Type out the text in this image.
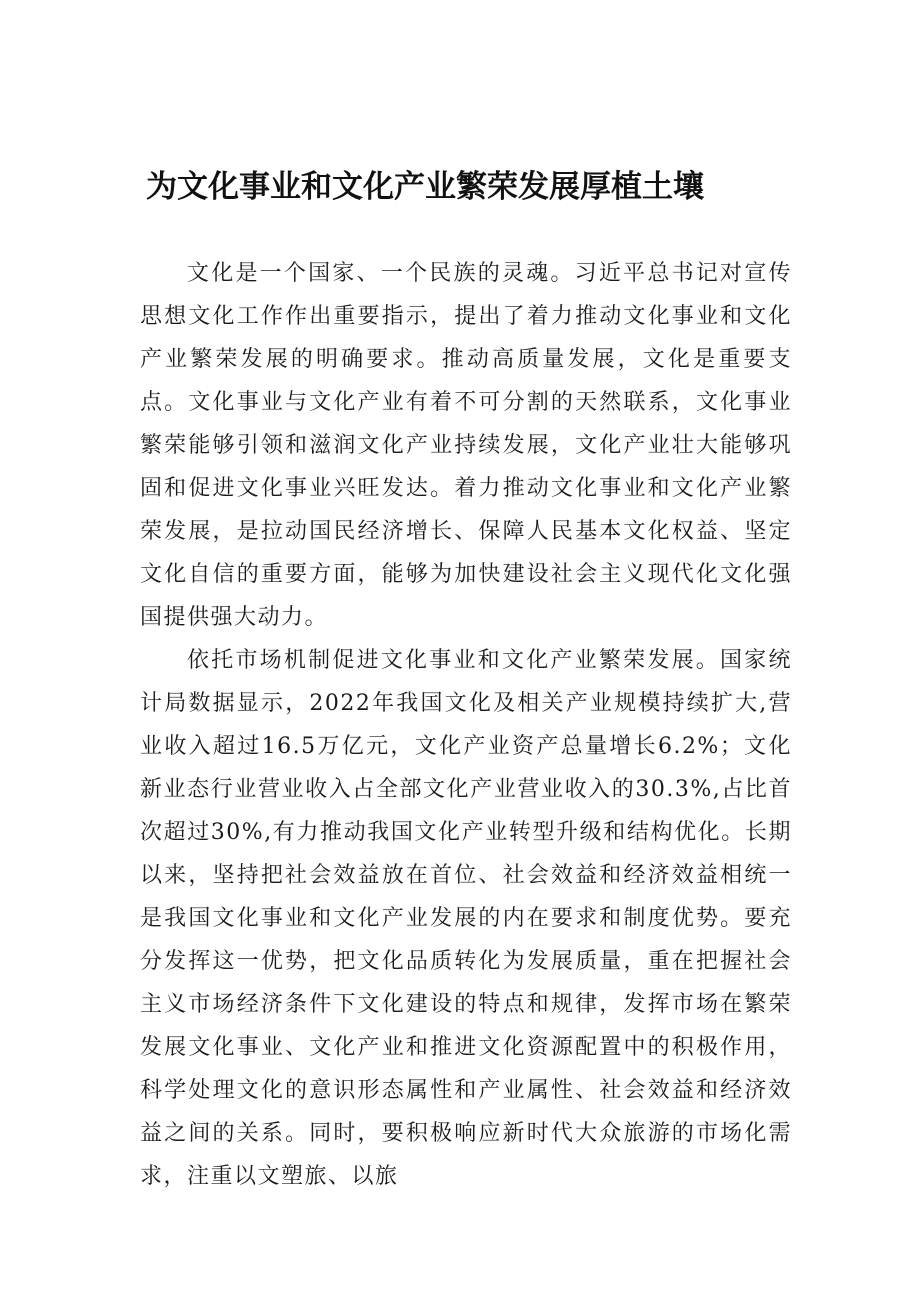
为文化事业和文化产业繁荣发展厚植土壤

文化是一个国家、一个民族的灵魂。习近平总书记对宣传思想文化工作作出重要指示，提出了着力推动文化事业和文化产业繁荣发展的明确要求。推动高质量发展，文化是重要支点。文化事业与文化产业有着不可分割的天然联系，文化事业繁荣能够引领和滋润文化产业持续发展，文化产业壮大能够巩固和促进文化事业兴旺发达。着力推动文化事业和文化产业繁荣发展，是拉动国民经济增长、保障人民基本文化权益、坚定文化自信的重要方面，能够为加快建设社会主义现代化文化强国提供强大动力。

依托市场机制促进文化事业和文化产业繁荣发展。国家统计局数据显示，2022年我国文化及相关产业规模持续扩大,营业收入超过16.5万亿元，文化产业资产总量增长6.2%；文化新业态行业营业收入占全部文化产业营业收入的30.3%,占比首次超过30%,有力推动我国文化产业转型升级和结构优化。长期以来，坚持把社会效益放在首位、社会效益和经济效益相统一是我国文化事业和文化产业发展的内在要求和制度优势。要充分发挥这一优势，把文化品质转化为发展质量，重在把握社会主义市场经济条件下文化建设的特点和规律，发挥市场在繁荣发展文化事业、文化产业和推进文化资源配置中的积极作用，科学处理文化的意识形态属性和产业属性、社会效益和经济效益之间的关系。同时，要积极响应新时代大众旅游的市场化需求，注重以文塑旅、以旅
